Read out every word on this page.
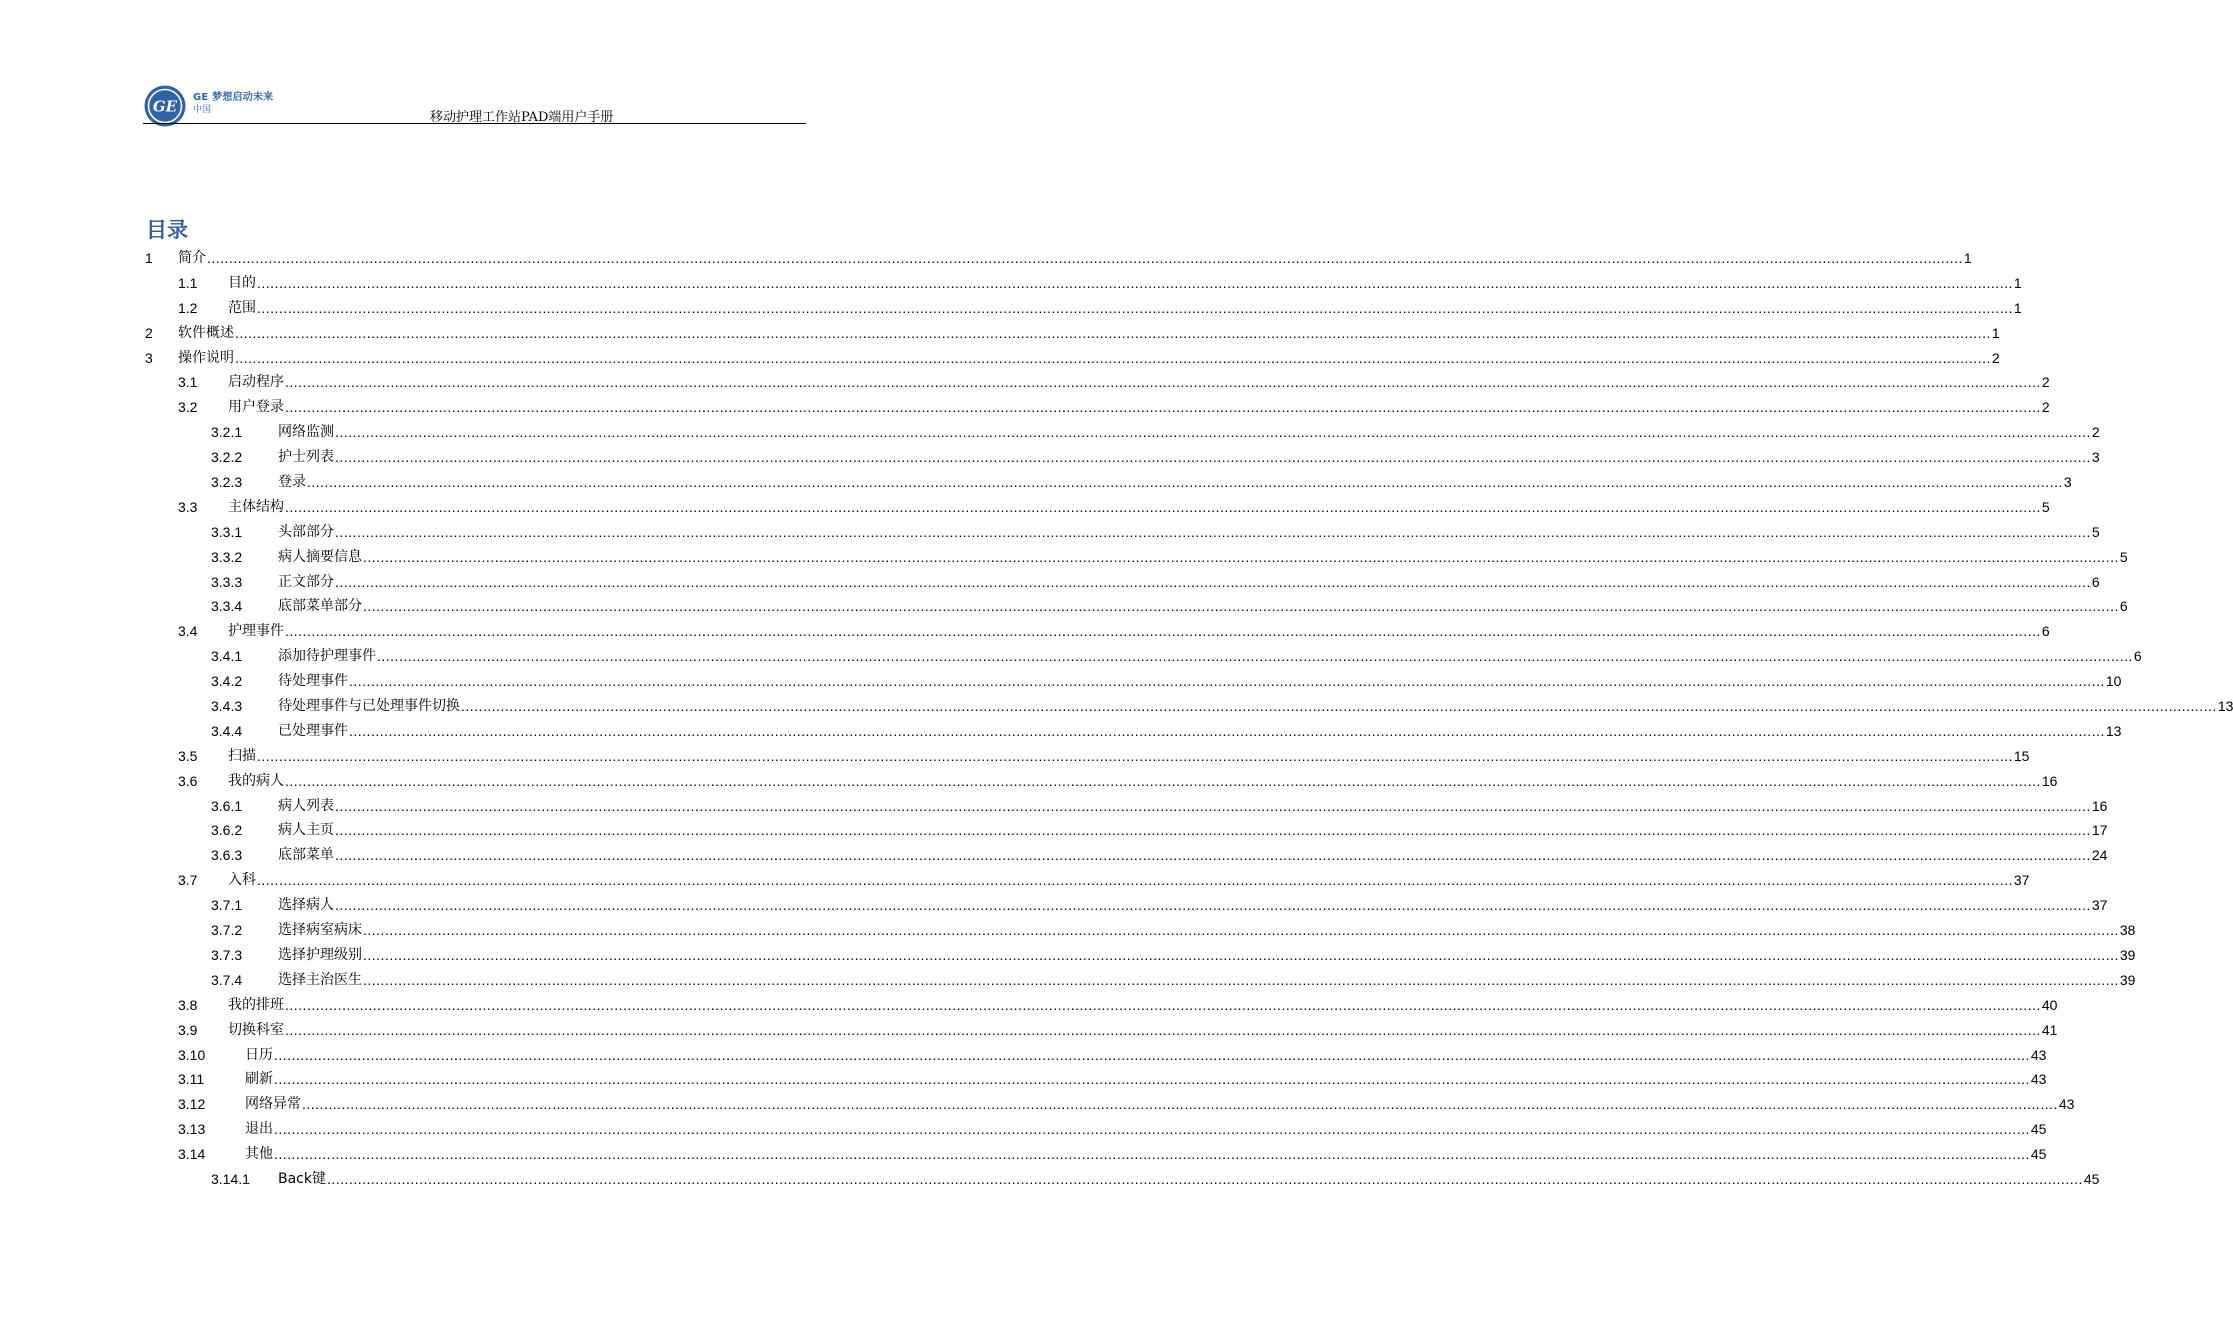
GE GE 梦想启动未来
中国	移动护理工作站PAD端用户手册
目录
1 简介 ................................................................................................................................................................................................................................................................................................................................................................................................................ 1
1.1 目的 ................................................................................................................................................................................................................................................................................................................................................................................................................ 1
1.2 范围 ................................................................................................................................................................................................................................................................................................................................................................................................................ 1
2 软件概述 ................................................................................................................................................................................................................................................................................................................................................................................................................ 1
3 操作说明 ................................................................................................................................................................................................................................................................................................................................................................................................................ 2
3.1 启动程序 ................................................................................................................................................................................................................................................................................................................................................................................................................ 2
3.2 用户登录 ................................................................................................................................................................................................................................................................................................................................................................................................................ 2
3.2.1	网络监测 ................................................................................................................................................................................................................................................................................................................................................................................................................ 2
3.2.2	护士列表 ................................................................................................................................................................................................................................................................................................................................................................................................................ 3
3.2.3	登录 ................................................................................................................................................................................................................................................................................................................................................................................................................ 3
3.3 主体结构 ................................................................................................................................................................................................................................................................................................................................................................................................................ 5
3.3.1	头部部分 ................................................................................................................................................................................................................................................................................................................................................................................................................ 5
3.3.2	病人摘要信息 ................................................................................................................................................................................................................................................................................................................................................................................................................ 5
3.3.3	正文部分 ................................................................................................................................................................................................................................................................................................................................................................................................................ 6
3.3.4	底部菜单部分 ................................................................................................................................................................................................................................................................................................................................................................................................................ 6
3.4 护理事件 ................................................................................................................................................................................................................................................................................................................................................................................................................ 6
3.4.1	添加待护理事件 ................................................................................................................................................................................................................................................................................................................................................................................................................ 6
3.4.2	待处理事件 ................................................................................................................................................................................................................................................................................................................................................................................................................ 10
3.4.3	待处理事件与已处理事件切换 ................................................................................................................................................................................................................................................................................................................................................................................................................ 13
3.4.4	已处理事件 ................................................................................................................................................................................................................................................................................................................................................................................................................ 13
3.5 扫描 ................................................................................................................................................................................................................................................................................................................................................................................................................ 15
3.6 我的病人 ................................................................................................................................................................................................................................................................................................................................................................................................................ 16
3.6.1	病人列表 ................................................................................................................................................................................................................................................................................................................................................................................................................ 16
3.6.2	病人主页 ................................................................................................................................................................................................................................................................................................................................................................................................................ 17
3.6.3	底部菜单 ................................................................................................................................................................................................................................................................................................................................................................................................................ 24
3.7 入科 ................................................................................................................................................................................................................................................................................................................................................................................................................ 37
3.7.1	选择病人 ................................................................................................................................................................................................................................................................................................................................................................................................................ 37
3.7.2	选择病室病床 ................................................................................................................................................................................................................................................................................................................................................................................................................ 38
3.7.3	选择护理级别 ................................................................................................................................................................................................................................................................................................................................................................................................................ 39
3.7.4	选择主治医生 ................................................................................................................................................................................................................................................................................................................................................................................................................ 39
3.8 我的排班 ................................................................................................................................................................................................................................................................................................................................................................................................................ 40
3.9 切换科室 ................................................................................................................................................................................................................................................................................................................................................................................................................ 41
3.10	日历 ................................................................................................................................................................................................................................................................................................................................................................................................................ 43
3.11	刷新 ................................................................................................................................................................................................................................................................................................................................................................................................................ 43
3.12	网络异常 ................................................................................................................................................................................................................................................................................................................................................................................................................ 43
3.13	退出 ................................................................................................................................................................................................................................................................................................................................................................................................................ 45
3.14	其他 ................................................................................................................................................................................................................................................................................................................................................................................................................ 45
3.14.1 Back键 ................................................................................................................................................................................................................................................................................................................................................................................................................ 45
